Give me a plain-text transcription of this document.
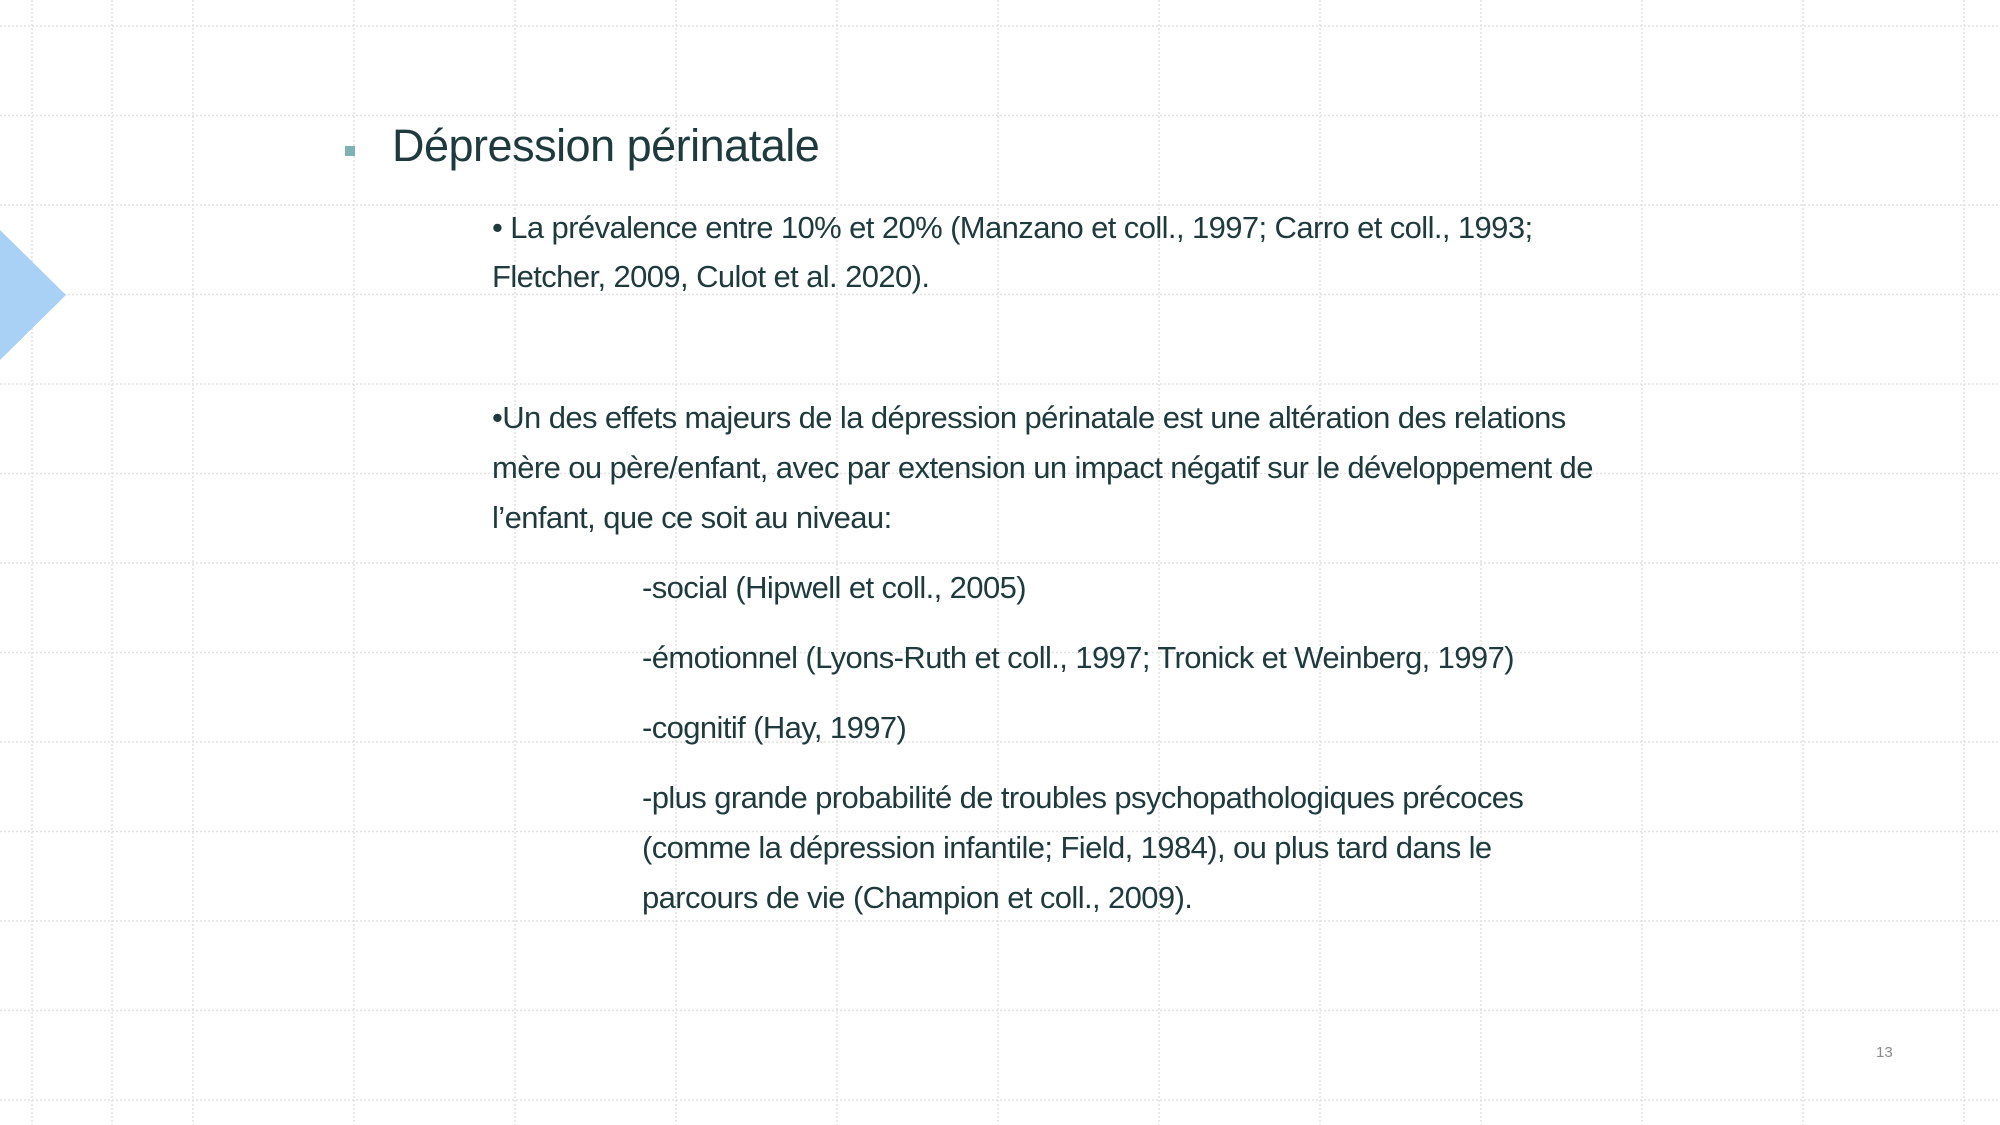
Dépression périnatale
• La prévalence entre 10% et 20% (Manzano et coll., 1997; Carro et coll., 1993;
Fletcher, 2009, Culot et al. 2020).
•Un des effets majeurs de la dépression périnatale est une altération des relations
mère ou père/enfant, avec par extension un impact négatif sur le développement de
l’enfant, que ce soit au niveau:
-social (Hipwell et coll., 2005)
-émotionnel (Lyons-Ruth et coll., 1997; Tronick et Weinberg, 1997)
-cognitif (Hay, 1997)
-plus grande probabilité de troubles psychopathologiques précoces
(comme la dépression infantile; Field, 1984), ou plus tard dans le
parcours de vie (Champion et coll., 2009).
13
